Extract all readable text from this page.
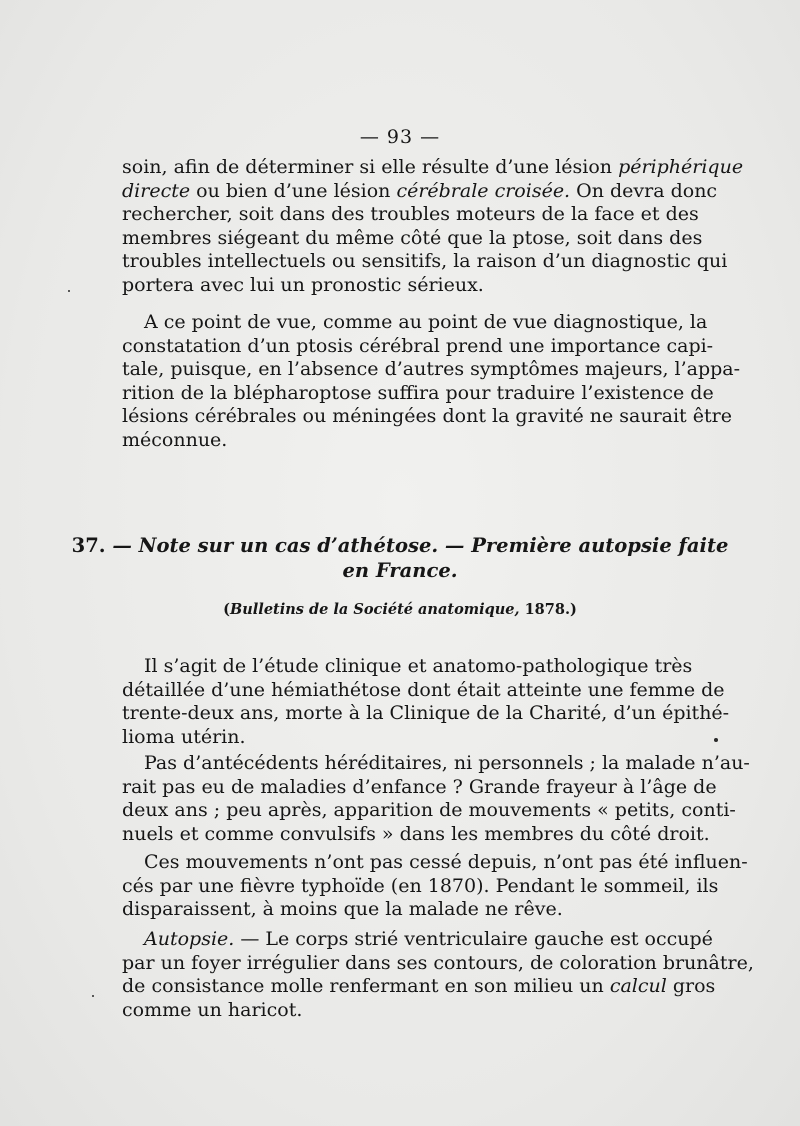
— 93 —
soin, afin de déterminer si elle résulte d’une lésion périphérique
directe ou bien d’une lésion cérébrale croisée. On devra donc
rechercher, soit dans des troubles moteurs de la face et des
membres siégeant du même côté que la ptose, soit dans des
troubles intellectuels ou sensitifs, la raison d’un diagnostic qui
portera avec lui un pronostic sérieux.
A ce point de vue, comme au point de vue diagnostique, la
constatation d’un ptosis cérébral prend une importance capi-
tale, puisque, en l’absence d’autres symptômes majeurs, l’appa-
rition de la blépharoptose suffira pour traduire l’existence de
lésions cérébrales ou méningées dont la gravité ne saurait être
méconnue.
37. — Note sur un cas d’athétose. — Première autopsie faite
en France.
(Bulletins de la Société anatomique, 1878.)
Il s’agit de l’étude clinique et anatomo-pathologique très
détaillée d’une hémiathétose dont était atteinte une femme de
trente-deux ans, morte à la Clinique de la Charité, d’un épithé-
lioma utérin.
Pas d’antécédents héréditaires, ni personnels ; la malade n’au-
rait pas eu de maladies d’enfance ? Grande frayeur à l’âge de
deux ans ; peu après, apparition de mouvements « petits, conti-
nuels et comme convulsifs » dans les membres du côté droit.
Ces mouvements n’ont pas cessé depuis, n’ont pas été influen-
cés par une fièvre typhoïde (en 1870). Pendant le sommeil, ils
disparaissent, à moins que la malade ne rêve.
Autopsie. — Le corps strié ventriculaire gauche est occupé
par un foyer irrégulier dans ses contours, de coloration brunâtre,
de consistance molle renfermant en son milieu un calcul gros
comme un haricot.
